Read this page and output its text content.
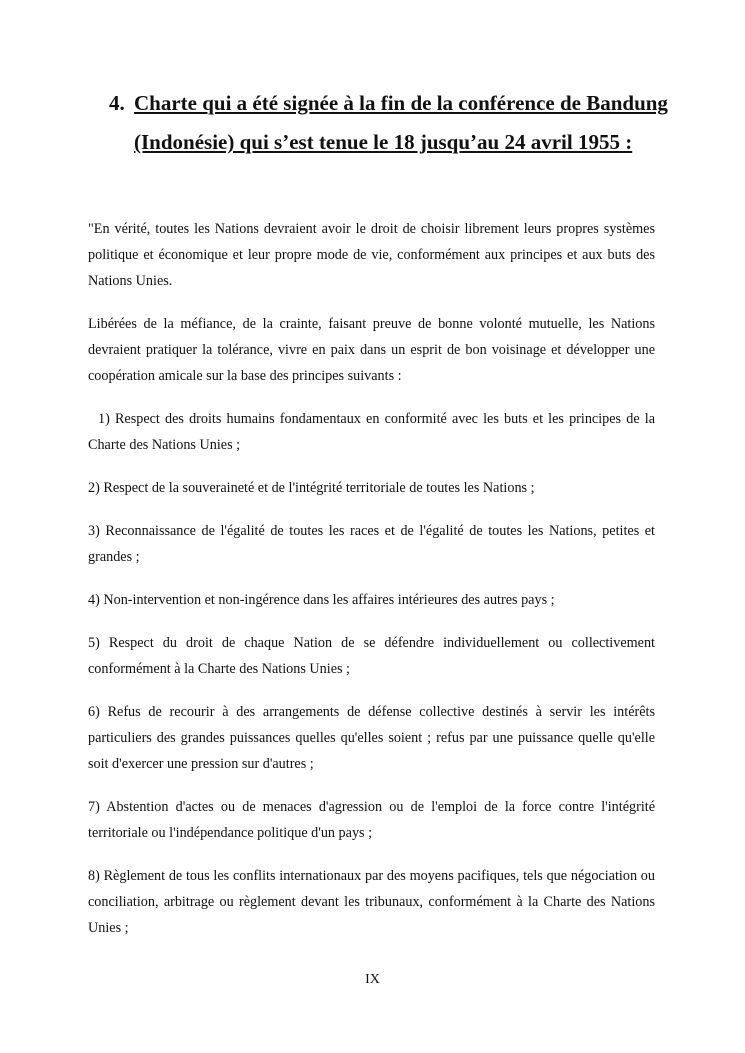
4. Charte qui a été signée à la fin de la conférence de Bandung (Indonésie) qui s’est tenue le 18 jusqu’au 24 avril 1955 :

"En vérité, toutes les Nations devraient avoir le droit de choisir librement leurs propres systèmes politique et économique et leur propre mode de vie, conformément aux principes et aux buts des Nations Unies.

Libérées de la méfiance, de la crainte, faisant preuve de bonne volonté mutuelle, les Nations devraient pratiquer la tolérance, vivre en paix dans un esprit de bon voisinage et développer une coopération amicale sur la base des principes suivants :

1) Respect des droits humains fondamentaux en conformité avec les buts et les principes de la Charte des Nations Unies ;

2) Respect de la souveraineté et de l'intégrité territoriale de toutes les Nations ;

3) Reconnaissance de l'égalité de toutes les races et de l'égalité de toutes les Nations, petites et grandes ;

4) Non-intervention et non-ingérence dans les affaires intérieures des autres pays ;

5) Respect du droit de chaque Nation de se défendre individuellement ou collectivement conformément à la Charte des Nations Unies ;

6) Refus de recourir à des arrangements de défense collective destinés à servir les intérêts particuliers des grandes puissances quelles qu'elles soient ; refus par une puissance quelle qu'elle soit d'exercer une pression sur d'autres ;

7) Abstention d'actes ou de menaces d'agression ou de l'emploi de la force contre l'intégrité territoriale ou l'indépendance politique d'un pays ;

8) Règlement de tous les conflits internationaux par des moyens pacifiques, tels que négociation ou conciliation, arbitrage ou règlement devant les tribunaux, conformément à la Charte des Nations Unies ;

IX
